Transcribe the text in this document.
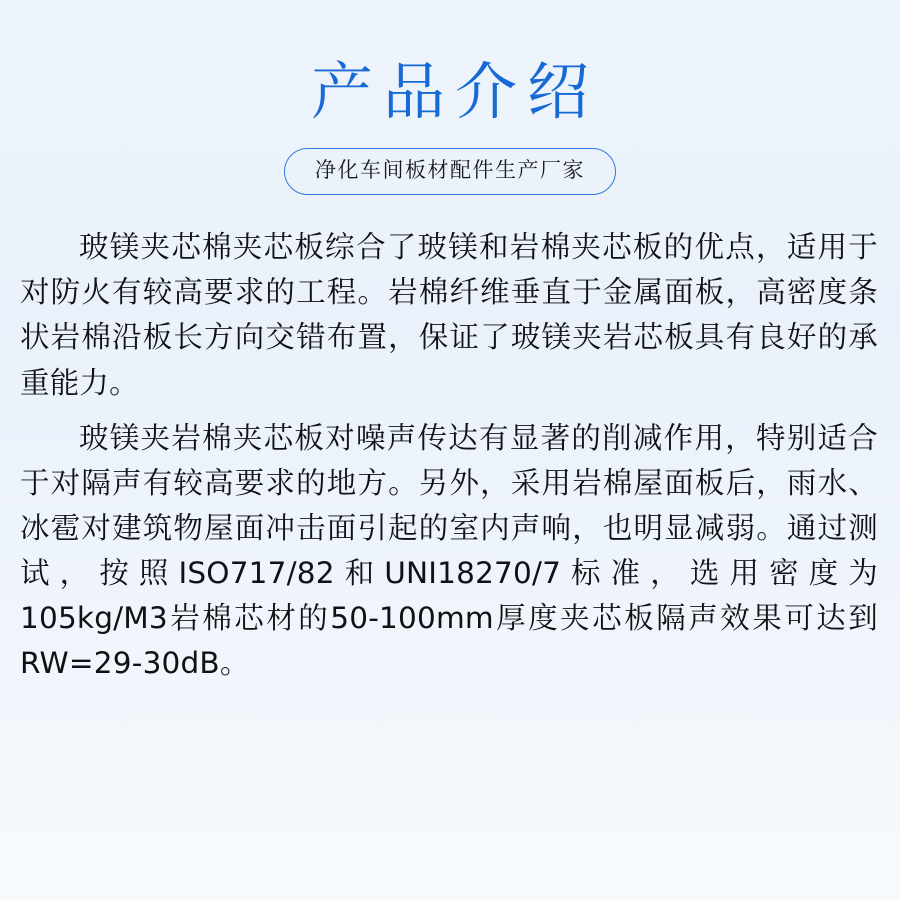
产品介绍
净化车间板材配件生产厂家

玻镁夹芯棉夹芯板综合了玻镁和岩棉夹芯板的优点，适用于对防火有较高要求的工程。岩棉纤维垂直于金属面板，高密度条状岩棉沿板长方向交错布置，保证了玻镁夹岩芯板具有良好的承重能力。

玻镁夹岩棉夹芯板对噪声传达有显著的削减作用，特别适合于对隔声有较高要求的地方。另外，采用岩棉屋面板后，雨水、冰雹对建筑物屋面冲击面引起的室内声响，也明显减弱。通过测试，按照ISO717/82和UNI18270/7标准，选用密度为105kg/M3岩棉芯材的50-100mm厚度夹芯板隔声效果可达到RW=29-30dB。
